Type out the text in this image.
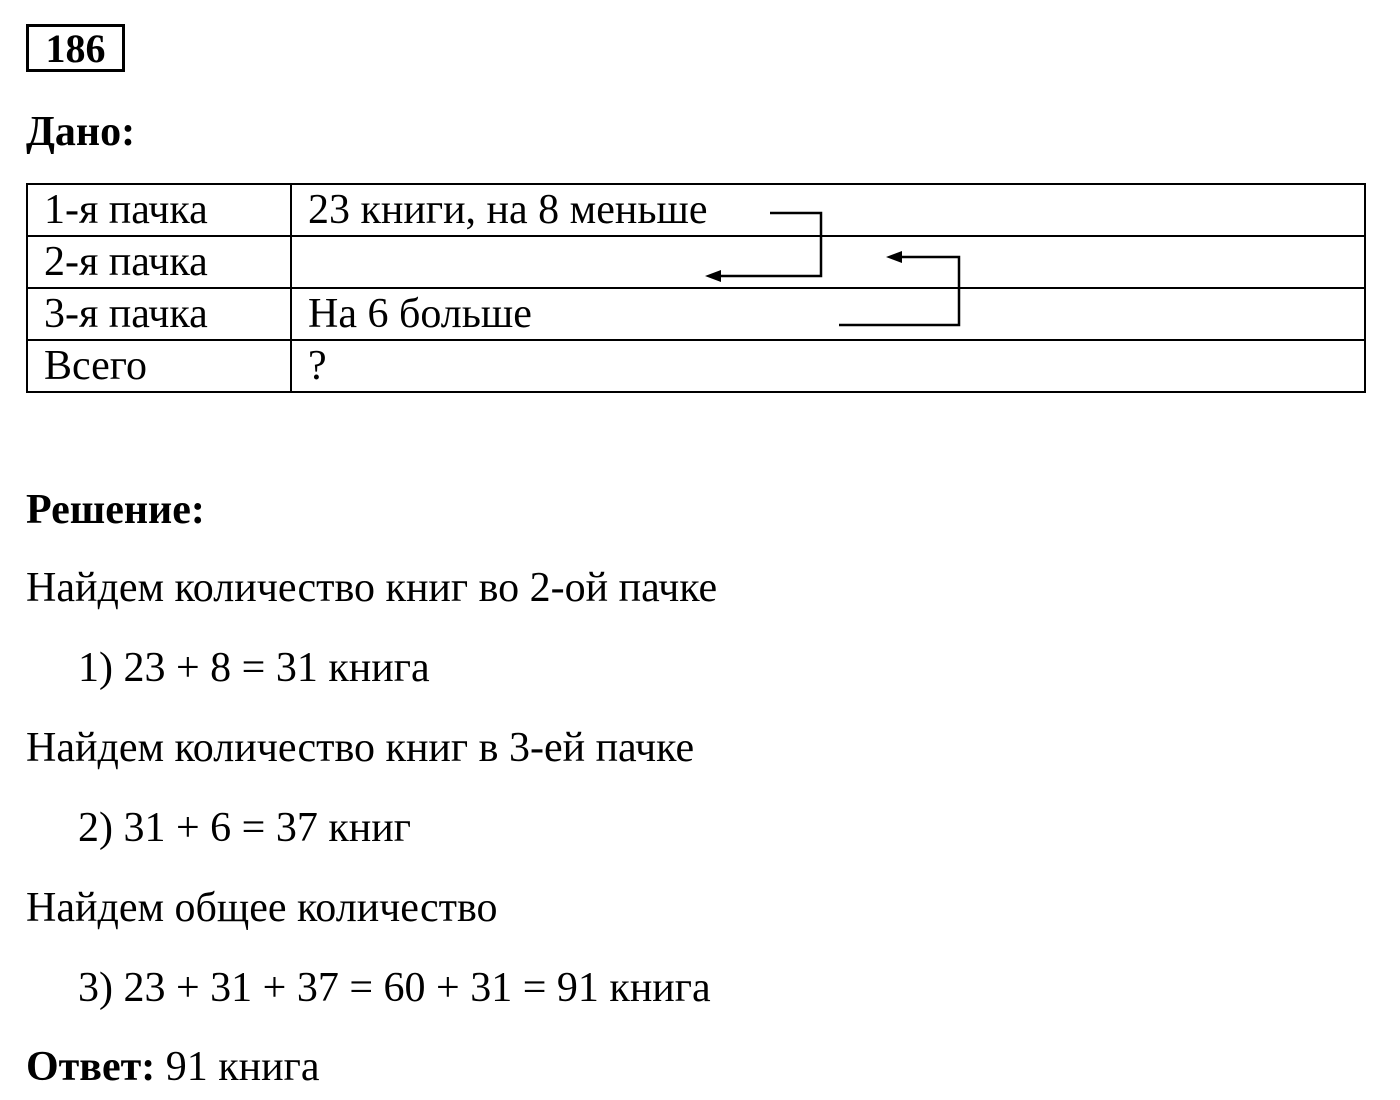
186
Дано:
1-я пачка	23 книги, на 8 меньше
2-я пачка	
3-я пачка	На 6 больше
Всего	?
Решение:
Найдем количество книг во 2-ой пачке
1) 23 + 8 = 31 книга
Найдем количество книг в 3-ей пачке
2) 31 + 6 = 37 книг
Найдем общее количество
3) 23 + 31 + 37 = 60 + 31 = 91 книга
Ответ: 91 книга
